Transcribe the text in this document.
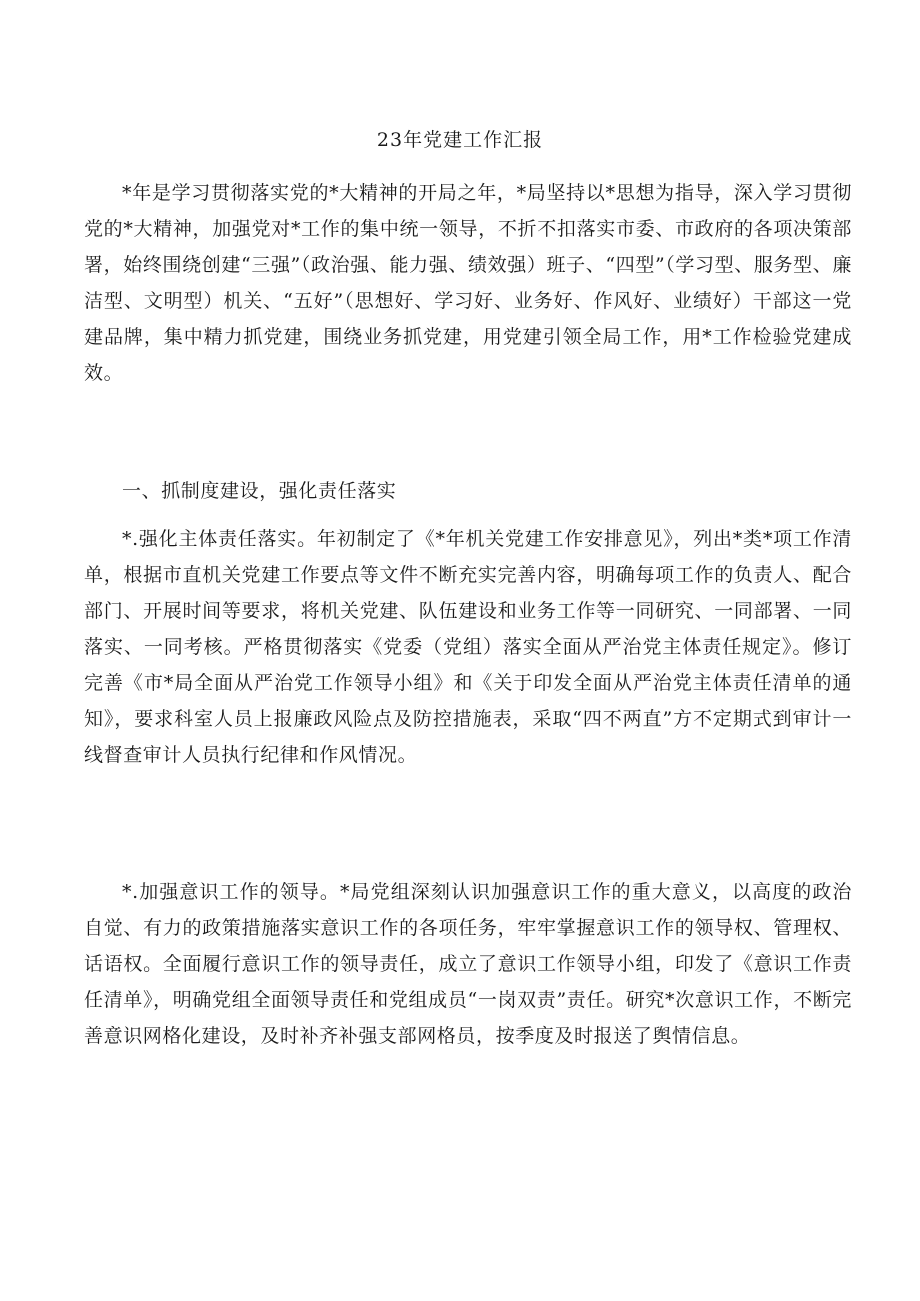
23年党建工作汇报

*年是学习贯彻落实党的*大精神的开局之年，*局坚持以*思想为指导，深入学习贯彻党的*大精神，加强党对*工作的集中统一领导，不折不扣落实市委、市政府的各项决策部署，始终围绕创建“三强”（政治强、能力强、绩效强）班子、“四型”（学习型、服务型、廉洁型、文明型）机关、“五好”（思想好、学习好、业务好、作风好、业绩好）干部这一党建品牌，集中精力抓党建，围绕业务抓党建，用党建引领全局工作，用*工作检验党建成效。

一、抓制度建设，强化责任落实

*.强化主体责任落实。年初制定了《*年机关党建工作安排意见》，列出*类*项工作清单，根据市直机关党建工作要点等文件不断充实完善内容，明确每项工作的负责人、配合部门、开展时间等要求，将机关党建、队伍建设和业务工作等一同研究、一同部署、一同落实、一同考核。严格贯彻落实《党委（党组）落实全面从严治党主体责任规定》。修订完善《市*局全面从严治党工作领导小组》和《关于印发全面从严治党主体责任清单的通知》，要求科室人员上报廉政风险点及防控措施表，采取“四不两直”方不定期式到审计一线督查审计人员执行纪律和作风情况。

*.加强意识工作的领导。*局党组深刻认识加强意识工作的重大意义，以高度的政治自觉、有力的政策措施落实意识工作的各项任务，牢牢掌握意识工作的领导权、管理权、话语权。全面履行意识工作的领导责任，成立了意识工作领导小组，印发了《意识工作责任清单》，明确党组全面领导责任和党组成员“一岗双责”责任。研究*次意识工作，不断完善意识网格化建设，及时补齐补强支部网格员，按季度及时报送了舆情信息。
